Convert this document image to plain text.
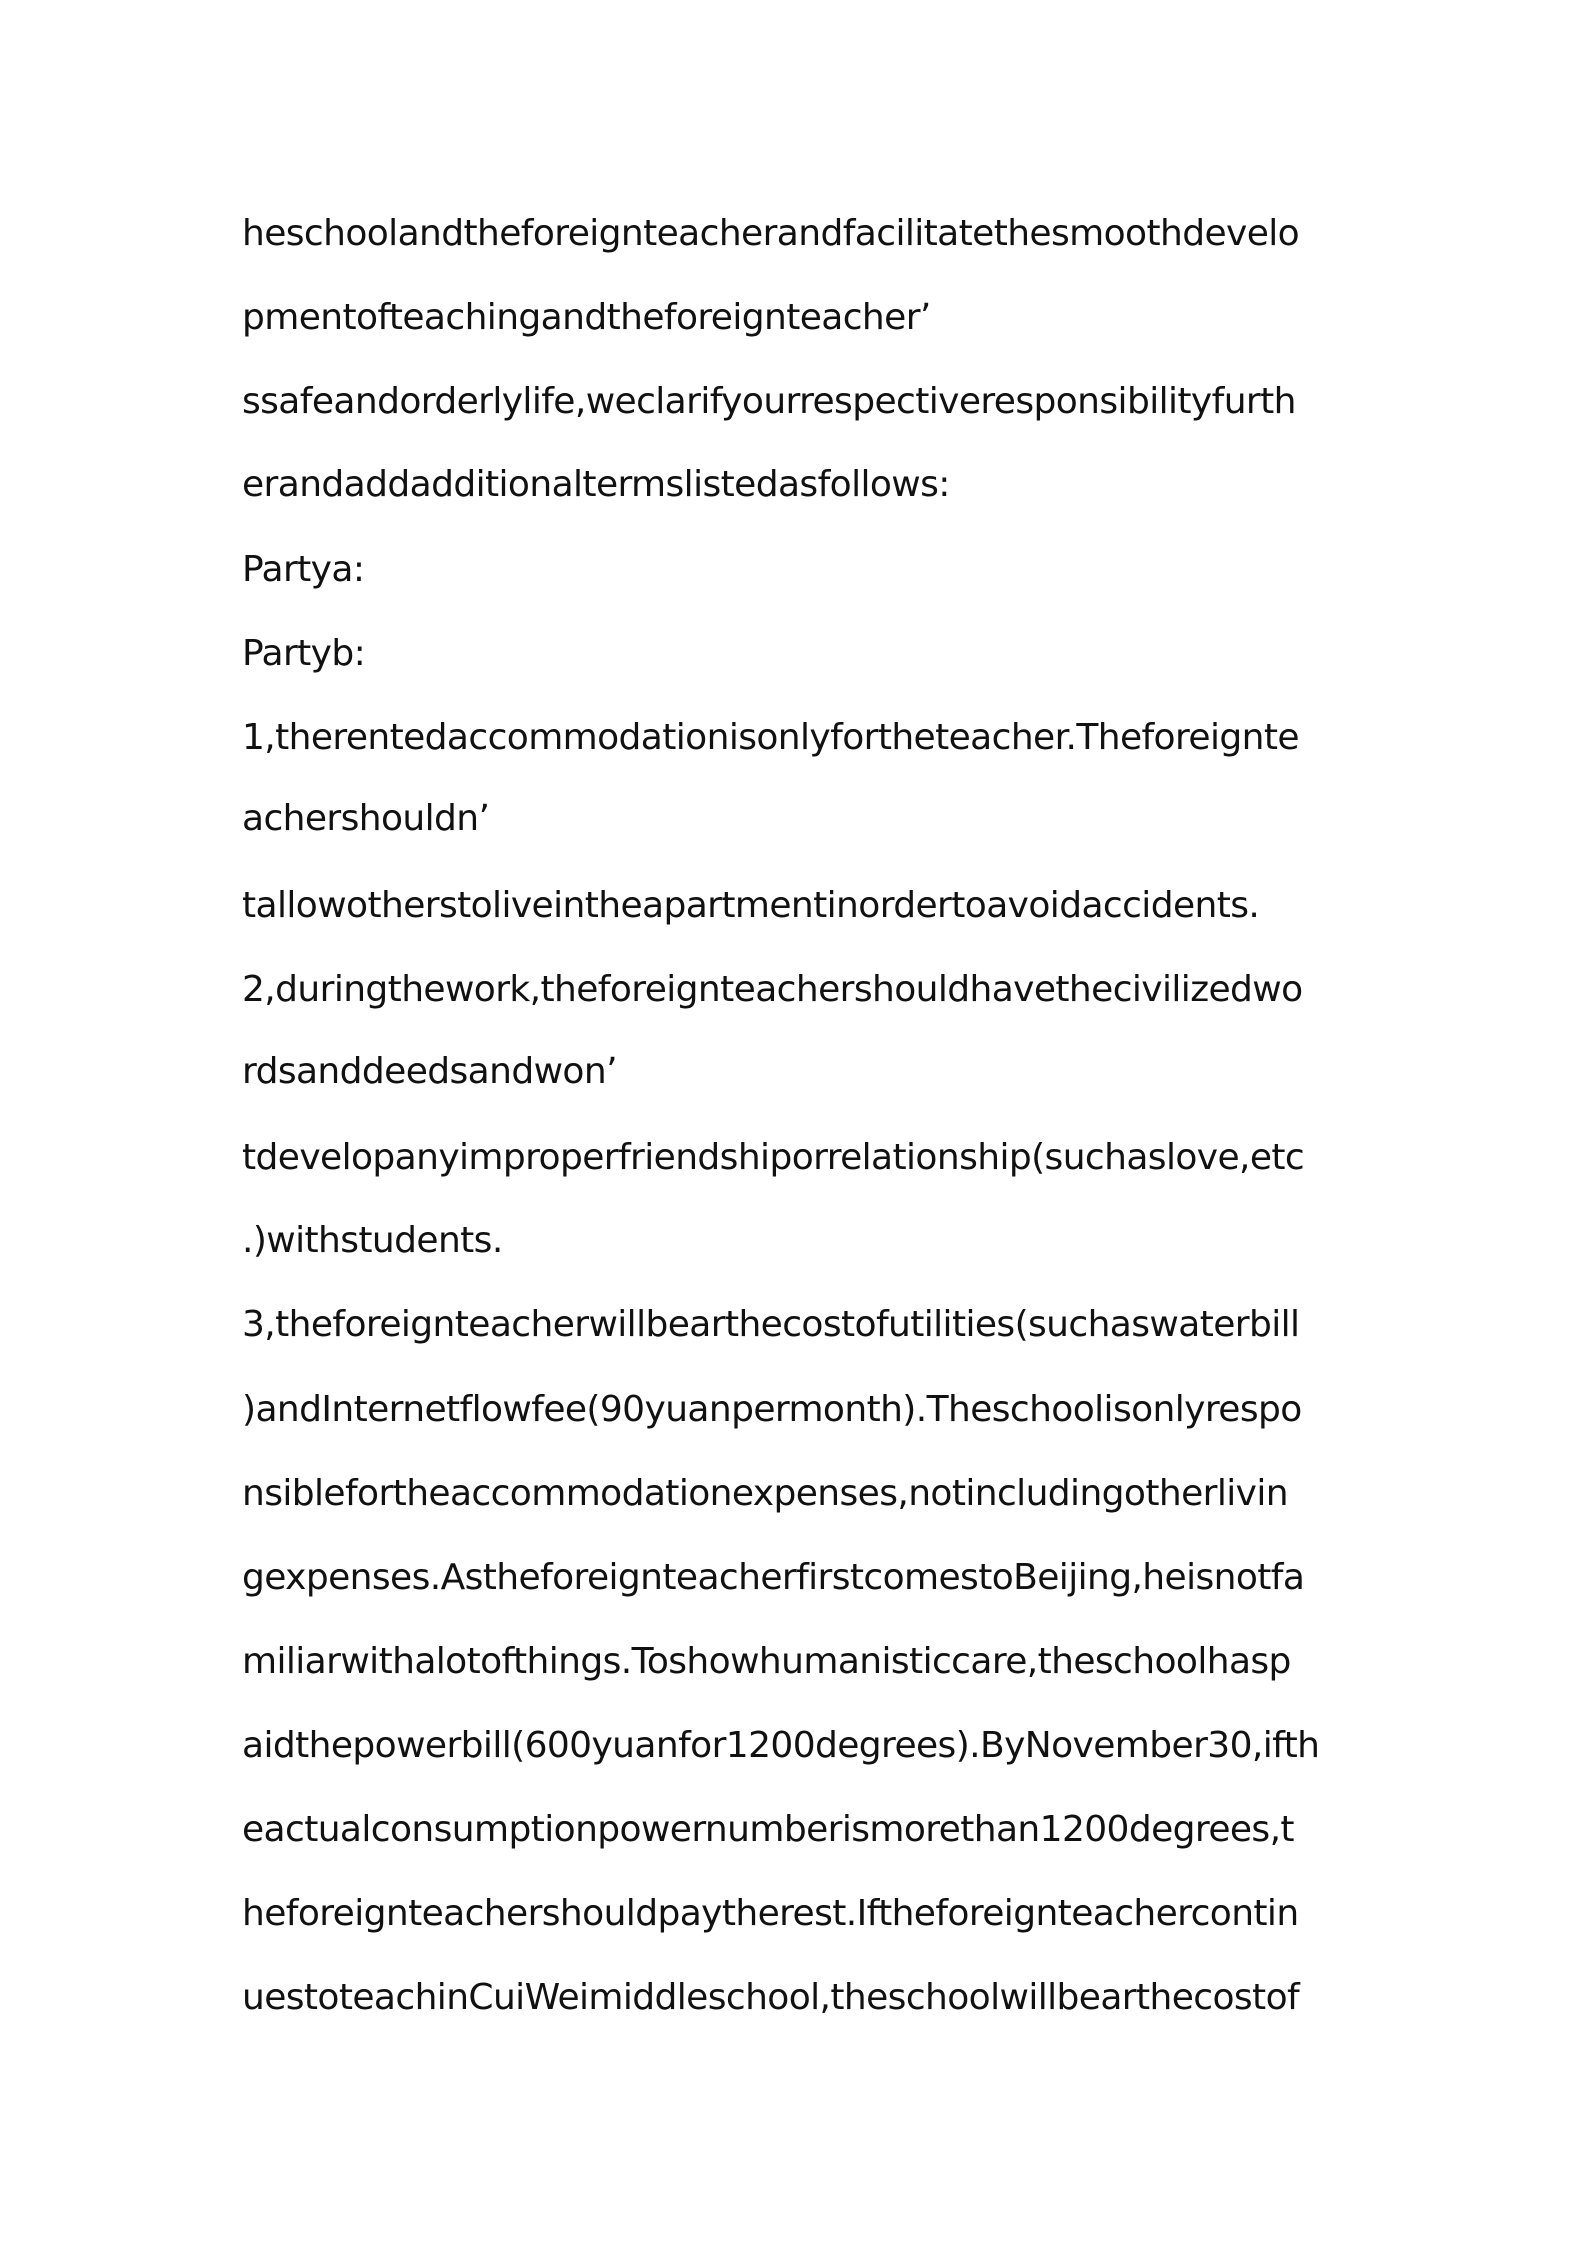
heschoolandtheforeignteacherandfacilitatethesmoothdevelo
pmentofteachingandtheforeignteacher’
ssafeandorderlylife,weclarifyourrespectiveresponsibilityfurth
erandaddadditionaltermslistedasfollows:
Partya:
Partyb:
1,therentedaccommodationisonlyfortheteacher.Theforeignte
achershouldn’
tallowotherstoliveintheapartmentinordertoavoidaccidents.
2,duringthework,theforeignteachershouldhavethecivilizedwo
rdsanddeedsandwon’
tdevelopanyimproperfriendshiporrelationship(suchaslove,etc
.)withstudents.
3,theforeignteacherwillbearthecostofutilities(suchaswaterbill
)andInternetflowfee(90yuanpermonth).Theschoolisonlyrespo
nsiblefortheaccommodationexpenses,notincludingotherlivin
gexpenses.AstheforeignteacherfirstcomestoBeijing,heisnotfa
miliarwithalotofthings.Toshowhumanisticcare,theschoolhasp
aidthepowerbill(600yuanfor1200degrees).ByNovember30,ifth
eactualconsumptionpowernumberismorethan1200degrees,t
heforeignteachershouldpaytherest.Iftheforeignteachercontin
uestoteachinCuiWeimiddleschool,theschoolwillbearthecostof
